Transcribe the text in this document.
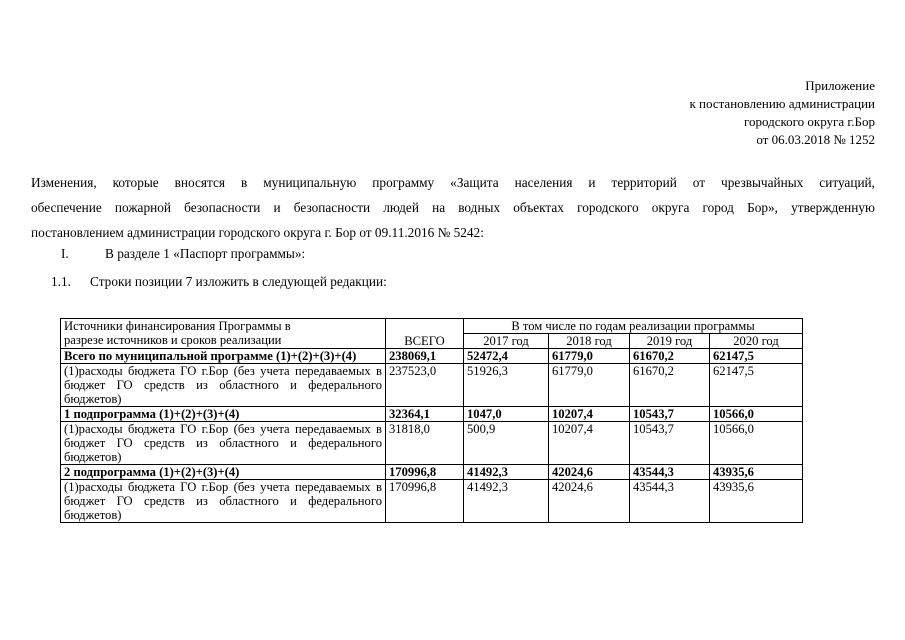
Приложение
к постановлению администрации
городского округа г.Бор
от 06.03.2018 № 1252
Изменения, которые вносятся в муниципальную программу «Защита населения и территорий от чрезвычайных ситуаций,
обеспечение пожарной безопасности и безопасности людей на водных объектах городского округа город Бор», утвержденную
постановлением администрации городского округа г. Бор от 09.11.2016 № 5242:
I.	В разделе 1 «Паспорт программы»:
1.1. Строки позиции 7 изложить в следующей редакции:
Источники финансирования Программы в
разрезе источников и сроков реализации	ВСЕГО	В том числе по годам реализации программы			
		2017 год	2018 год	2019 год	2020 год
Всего по муниципальной программе (1)+(2)+(3)+(4)	238069,1	52472,4	61779,0	61670,2	62147,5
(1)расходы бюджета ГО г.Бор (без учета передаваемых в бюджет ГО средств из областного и федерального бюджетов)	237523,0	51926,3	61779,0	61670,2	62147,5
1 подпрограмма (1)+(2)+(3)+(4)	32364,1	1047,0	10207,4	10543,7	10566,0
(1)расходы бюджета ГО г.Бор (без учета передаваемых в бюджет ГО средств из областного и федерального бюджетов)	31818,0	500,9	10207,4	10543,7	10566,0
2 подпрограмма (1)+(2)+(3)+(4)	170996,8	41492,3	42024,6	43544,3	43935,6
(1)расходы бюджета ГО г.Бор (без учета передаваемых в бюджет ГО средств из областного и федерального бюджетов)	170996,8	41492,3	42024,6	43544,3	43935,6
